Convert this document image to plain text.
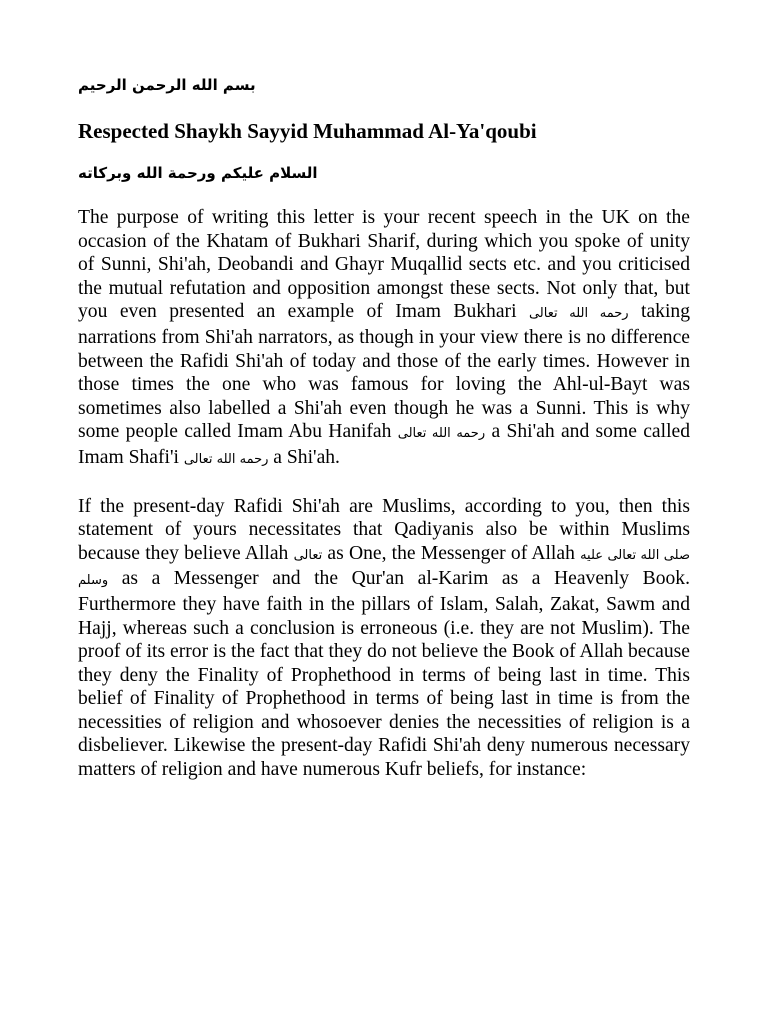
بسم الله الرحمن الرحيم

Respected Shaykh Sayyid Muhammad Al-Ya'qoubi

السلام عليكم ورحمة الله وبركاته

The purpose of writing this letter is your recent speech in the UK on the occasion of the Khatam of Bukhari Sharif, during which you spoke of unity of Sunni, Shi'ah, Deobandi and Ghayr Muqallid sects etc. and you criticised the mutual refutation and opposition amongst these sects. Not only that, but you even presented an example of Imam Bukhari رحمه الله تعالى taking narrations from Shi'ah narrators, as though in your view there is no difference between the Rafidi Shi'ah of today and those of the early times. However in those times the one who was famous for loving the Ahl-ul-Bayt was sometimes also labelled a Shi'ah even though he was a Sunni. This is why some people called Imam Abu Hanifah رحمه الله تعالى a Shi'ah and some called Imam Shafi'i رحمه الله تعالى a Shi'ah.

If the present-day Rafidi Shi'ah are Muslims, according to you, then this statement of yours necessitates that Qadiyanis also be within Muslims because they believe Allah تعالى as One, the Messenger of Allah صلى الله تعالى عليه وسلم as a Messenger and the Qur'an al-Karim as a Heavenly Book. Furthermore they have faith in the pillars of Islam, Salah, Zakat, Sawm and Hajj, whereas such a conclusion is erroneous (i.e. they are not Muslim). The proof of its error is the fact that they do not believe the Book of Allah because they deny the Finality of Prophethood in terms of being last in time. This belief of Finality of Prophethood in terms of being last in time is from the necessities of religion and whosoever denies the necessities of religion is a disbeliever. Likewise the present-day Rafidi Shi'ah deny numerous necessary matters of religion and have numerous Kufr beliefs, for instance:
